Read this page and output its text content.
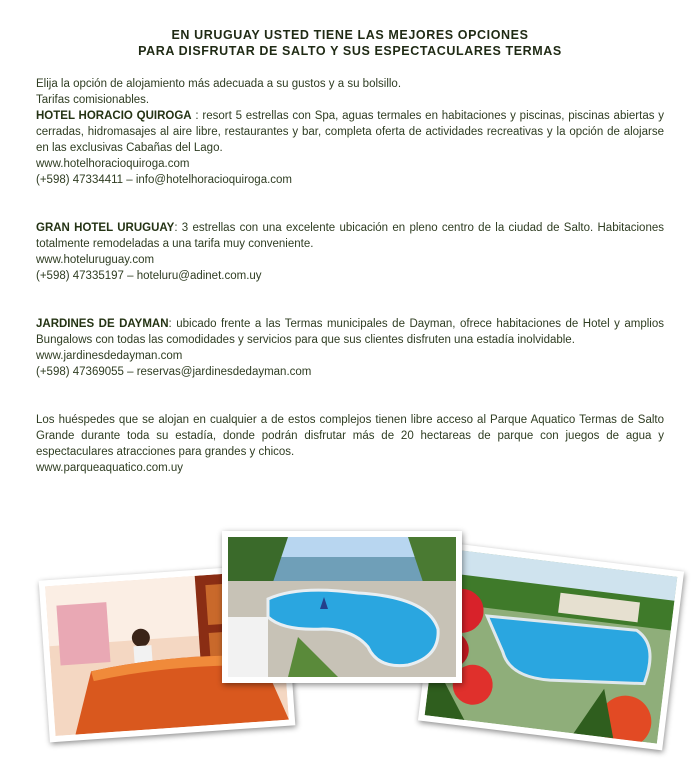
EN URUGUAY USTED TIENE LAS MEJORES OPCIONES
PARA DISFRUTAR DE SALTO Y SUS ESPECTACULARES TERMAS

Elija la opción de alojamiento más adecuada a su gustos y a su bolsillo.
Tarifas comisionables.

HOTEL HORACIO QUIROGA : resort 5 estrellas con Spa, aguas termales en habitaciones y piscinas, piscinas abiertas y cerradas, hidromasajes al aire libre, restaurantes y bar, completa oferta de actividades recreativas y la opción de alojarse en las exclusivas Cabañas del Lago.

www.hotelhoracioquiroga.com
(+598) 47334411 – info@hotelhoracioquiroga.com

GRAN HOTEL URUGUAY: 3 estrellas con una excelente ubicación en pleno centro de la ciudad de Salto. Habitaciones totalmente remodeladas a una tarifa muy conveniente.

www.hoteluruguay.com
(+598) 47335197 – hoteluru@adinet.com.uy

JARDINES DE DAYMAN: ubicado frente a las Termas municipales de Dayman, ofrece habitaciones de Hotel y amplios Bungalows con todas las comodidades y servicios para que sus clientes disfruten una estadía inolvidable.

www.jardinesdedayman.com
(+598) 47369055 – reservas@jardinesdedayman.com

Los huéspedes que se alojan en cualquier a de estos complejos tienen libre acceso al Parque Aquatico Termas de Salto Grande durante toda su estadía, donde podrán disfrutar más de 20 hectareas de parque con juegos de agua y espectaculares atracciones para grandes y chicos.

www.parqueaquatico.com.uy
